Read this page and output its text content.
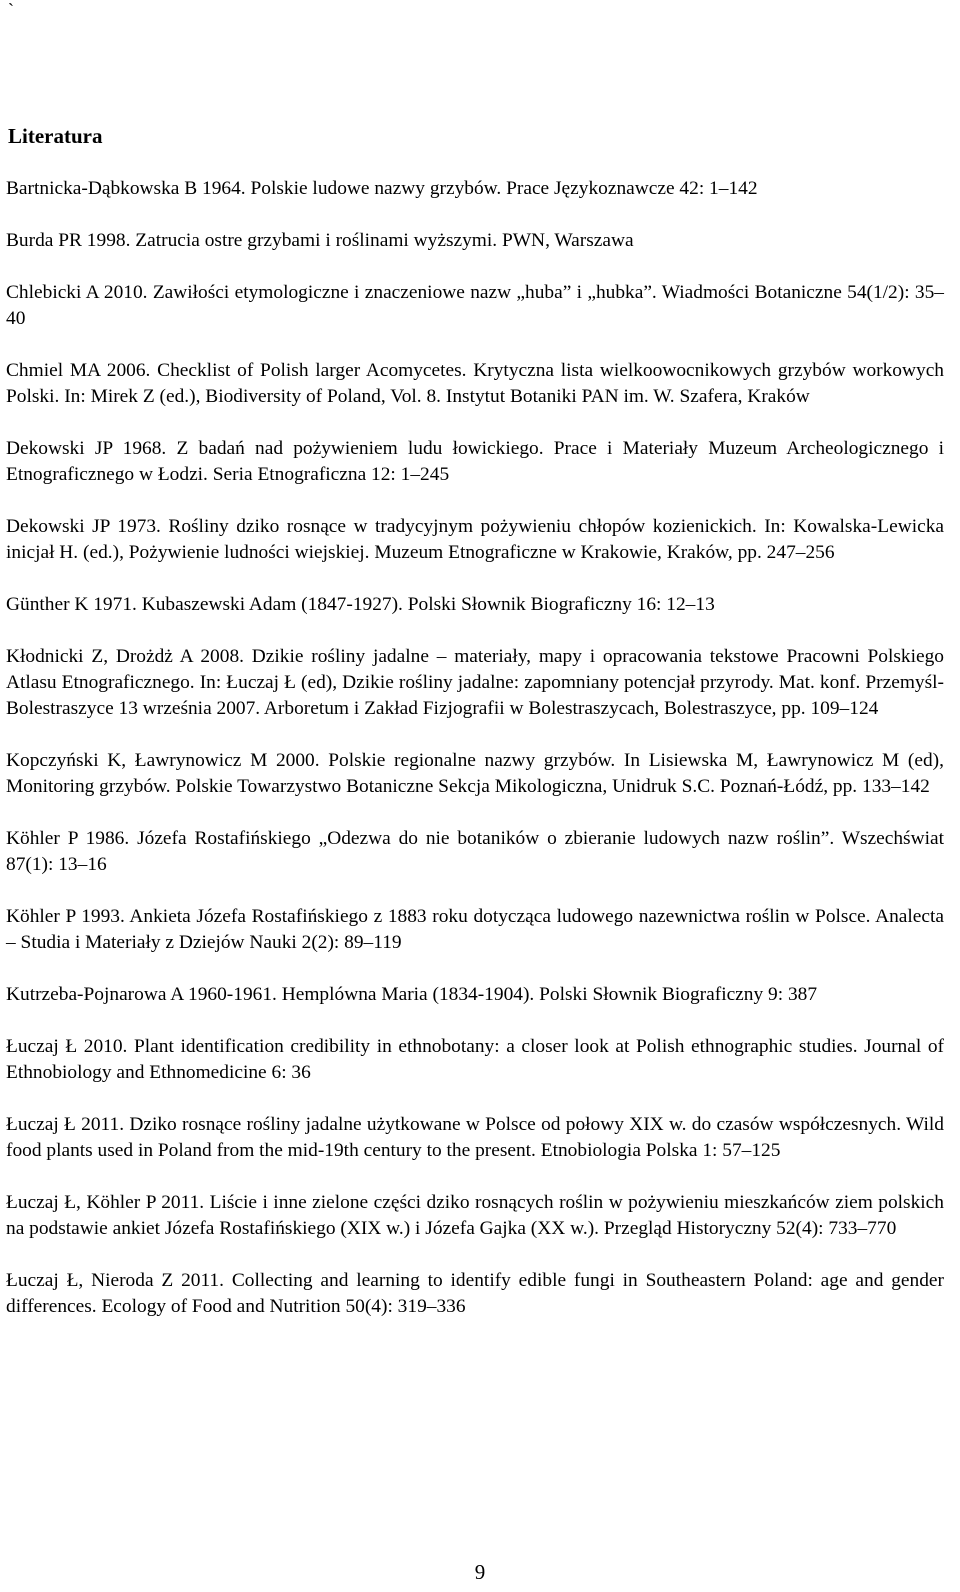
`
Literatura

Bartnicka-Dąbkowska B 1964. Polskie ludowe nazwy grzybów. Prace Językoznawcze 42: 1–142

Burda PR 1998. Zatrucia ostre grzybami i roślinami wyższymi. PWN, Warszawa

Chlebicki A 2010. Zawiłości etymologiczne i znaczeniowe nazw „huba” i „hubka”. Wiadmości Botaniczne 54(1/2): 35–40

Chmiel MA 2006. Checklist of Polish larger Acomycetes. Krytyczna lista wielkoowocnikowych grzybów workowych Polski. In: Mirek Z (ed.), Biodiversity of Poland, Vol. 8. Instytut Botaniki PAN im. W. Szafera, Kraków

Dekowski JP 1968. Z badań nad pożywieniem ludu łowickiego. Prace i Materiały Muzeum Archeologicznego i Etnograficznego w Łodzi. Seria Etnograficzna 12: 1–245

Dekowski JP 1973. Rośliny dziko rosnące w tradycyjnym pożywieniu chłopów kozienickich. In: Kowalska-Lewicka inicjał H. (ed.), Pożywienie ludności wiejskiej. Muzeum Etnograficzne w Krakowie, Kraków, pp. 247–256

Günther K 1971. Kubaszewski Adam (1847-1927). Polski Słownik Biograficzny 16: 12–13

Kłodnicki Z, Drożdż A 2008. Dzikie rośliny jadalne – materiały, mapy i opracowania tekstowe Pracowni Polskiego Atlasu Etnograficznego. In: Łuczaj Ł (ed), Dzikie rośliny jadalne: zapomniany potencjał przyrody. Mat. konf. Przemyśl-Bolestraszyce 13 września 2007. Arboretum i Zakład Fizjografii w Bolestraszycach, Bolestraszyce, pp. 109–124

Kopczyński K, Ławrynowicz M 2000. Polskie regionalne nazwy grzybów. In Lisiewska M, Ławrynowicz M (ed), Monitoring grzybów. Polskie Towarzystwo Botaniczne Sekcja Mikologiczna, Unidruk S.C. Poznań-Łódź, pp. 133–142

Köhler P 1986. Józefa Rostafińskiego „Odezwa do nie botaników o zbieranie ludowych nazw roślin”. Wszechświat 87(1): 13–16

Köhler P 1993. Ankieta Józefa Rostafińskiego z 1883 roku dotycząca ludowego nazewnictwa roślin w Polsce. Analecta – Studia i Materiały z Dziejów Nauki 2(2): 89–119

Kutrzeba-Pojnarowa A 1960-1961. Hemplówna Maria (1834-1904). Polski Słownik Biograficzny 9: 387

Łuczaj Ł 2010. Plant identification credibility in ethnobotany: a closer look at Polish ethnographic studies. Journal of Ethnobiology and Ethnomedicine 6: 36

Łuczaj Ł 2011. Dziko rosnące rośliny jadalne użytkowane w Polsce od połowy XIX w. do czasów współczesnych. Wild food plants used in Poland from the mid-19th century to the present. Etnobiologia Polska 1: 57–125

Łuczaj Ł, Köhler P 2011. Liście i inne zielone części dziko rosnących roślin w pożywieniu mieszkańców ziem polskich na podstawie ankiet Józefa Rostafińskiego (XIX w.) i Józefa Gajka (XX w.). Przegląd Historyczny 52(4): 733–770

Łuczaj Ł, Nieroda Z 2011. Collecting and learning to identify edible fungi in Southeastern Poland: age and gender differences. Ecology of Food and Nutrition 50(4): 319–336

9
